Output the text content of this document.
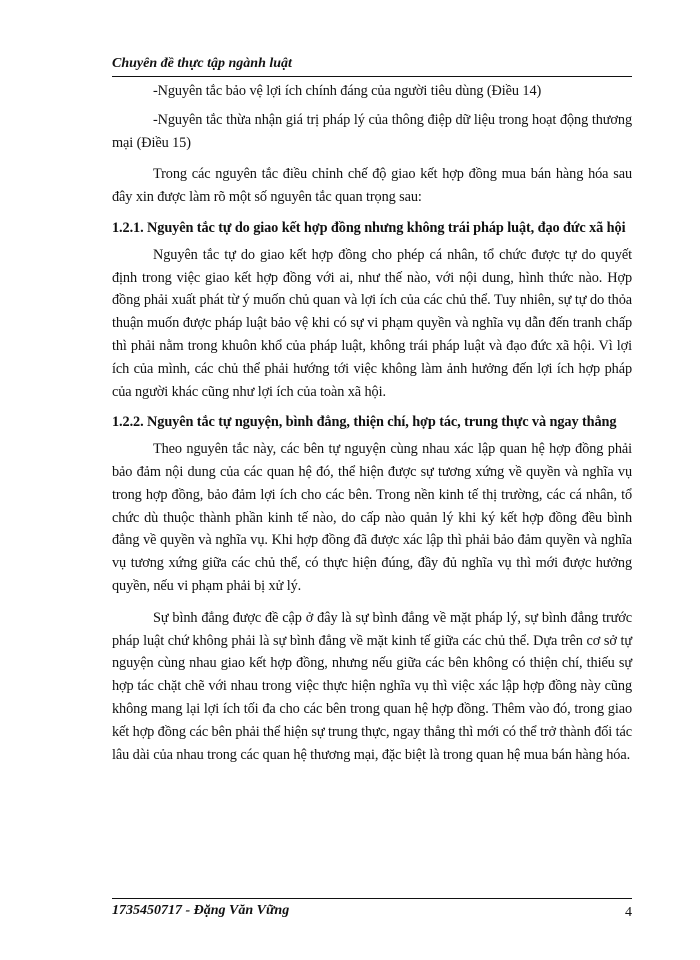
Chuyên đề thực tập ngành luật

-Nguyên tắc bảo vệ lợi ích chính đáng của người tiêu dùng (Điều 14)

-Nguyên tắc thừa nhận giá trị pháp lý của thông điệp dữ liệu trong hoạt động thương mại (Điều 15)

Trong các nguyên tắc điều chỉnh chế độ giao kết hợp đồng mua bán hàng hóa sau đây xin được làm rõ một số nguyên tắc quan trọng sau:

1.2.1. Nguyên tắc tự do giao kết hợp đồng nhưng không trái pháp luật, đạo đức xã hội

Nguyên tắc tự do giao kết hợp đồng cho phép cá nhân, tổ chức được tự do quyết định trong việc giao kết hợp đồng với ai, như thế nào, với nội dung, hình thức nào. Hợp đồng phải xuất phát từ ý muốn chủ quan và lợi ích của các chủ thể. Tuy nhiên, sự tự do thỏa thuận muốn được pháp luật bảo vệ khi có sự vi phạm quyền và nghĩa vụ dẫn đến tranh chấp thì phải nằm trong khuôn khổ của pháp luật, không trái pháp luật và đạo đức xã hội. Vì lợi ích của mình, các chủ thể phải hướng tới việc không làm ảnh hưởng đến lợi ích hợp pháp của người khác cũng như lợi ích của toàn xã hội.

1.2.2. Nguyên tắc tự nguyện, bình đẳng, thiện chí, hợp tác, trung thực và ngay thẳng

Theo nguyên tắc này, các bên tự nguyện cùng nhau xác lập quan hệ hợp đồng phải bảo đảm nội dung của các quan hệ đó, thể hiện được sự tương xứng về quyền và nghĩa vụ trong hợp đồng, bảo đảm lợi ích cho các bên. Trong nền kinh tế thị trường, các cá nhân, tổ chức dù thuộc thành phần kinh tế nào, do cấp nào quản lý khi ký kết hợp đồng đều bình đẳng về quyền và nghĩa vụ. Khi hợp đồng đã được xác lập thì phải bảo đảm quyền và nghĩa vụ tương xứng giữa các chủ thể, có thực hiện đúng, đầy đủ nghĩa vụ thì mới được hưởng quyền, nếu vi phạm phải bị xử lý.

Sự bình đẳng được đề cập ở đây là sự bình đẳng về mặt pháp lý, sự bình đẳng trước pháp luật chứ không phải là sự bình đẳng về mặt kinh tế giữa các chủ thể. Dựa trên cơ sở tự nguyện cùng nhau giao kết hợp đồng, nhưng nếu giữa các bên không có thiện chí, thiếu sự hợp tác chặt chẽ với nhau trong việc thực hiện nghĩa vụ thì việc xác lập hợp đồng này cũng không mang lại lợi ích tối đa cho các bên trong quan hệ hợp đồng. Thêm vào đó, trong giao kết hợp đồng các bên phải thể hiện sự trung thực, ngay thẳng thì mới có thể trở thành đối tác lâu dài của nhau trong các quan hệ thương mại, đặc biệt là trong quan hệ mua bán hàng hóa.

1735450717 - Đặng Văn Vững	4
